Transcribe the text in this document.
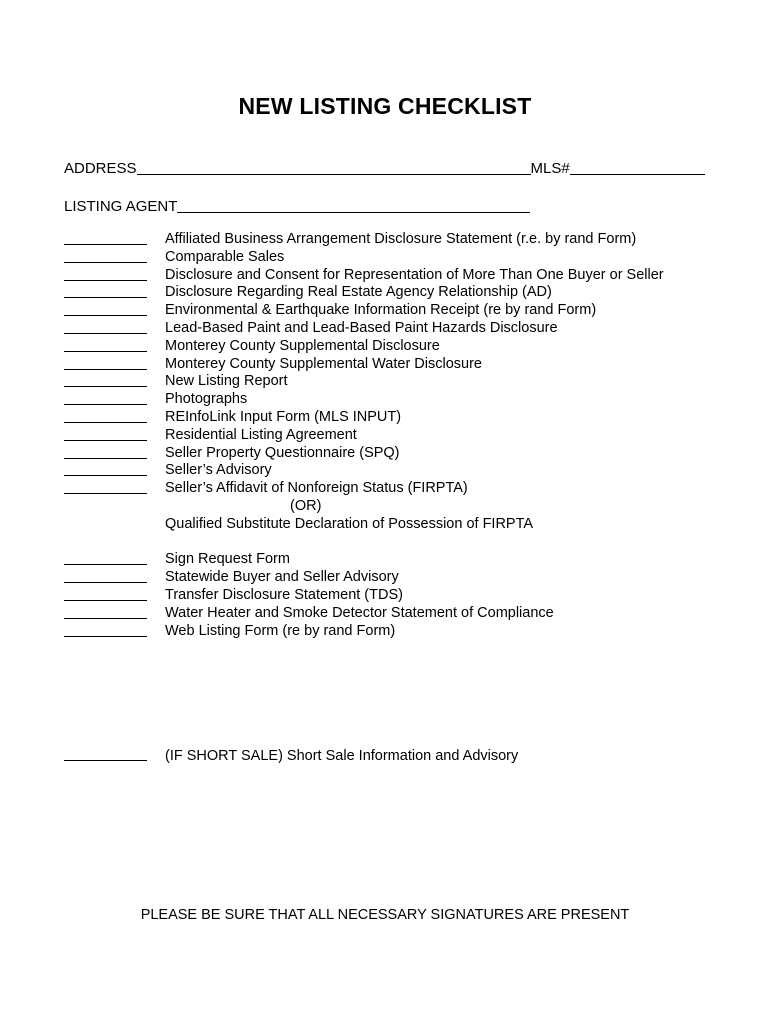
NEW LISTING CHECKLIST
ADDRESS	MLS#
LISTING AGENT
Affiliated Business Arrangement Disclosure Statement (r.e. by rand Form)
Comparable Sales
Disclosure and Consent for Representation of More Than One Buyer or Seller
Disclosure Regarding Real Estate Agency Relationship (AD)
Environmental & Earthquake Information Receipt (re by rand Form)
Lead-Based Paint and Lead-Based Paint Hazards Disclosure
Monterey County Supplemental Disclosure
Monterey County Supplemental Water Disclosure
New Listing Report
Photographs
REInfoLink Input Form (MLS INPUT)
Residential Listing Agreement
Seller Property Questionnaire (SPQ)
Seller’s Advisory
Seller’s Affidavit of Nonforeign Status (FIRPTA)
(OR)
Qualified Substitute Declaration of Possession of FIRPTA
Sign Request Form
Statewide Buyer and Seller Advisory
Transfer Disclosure Statement (TDS)
Water Heater and Smoke Detector Statement of Compliance
Web Listing Form (re by rand Form)
(IF SHORT SALE) Short Sale Information and Advisory
PLEASE BE SURE THAT ALL NECESSARY SIGNATURES ARE PRESENT
